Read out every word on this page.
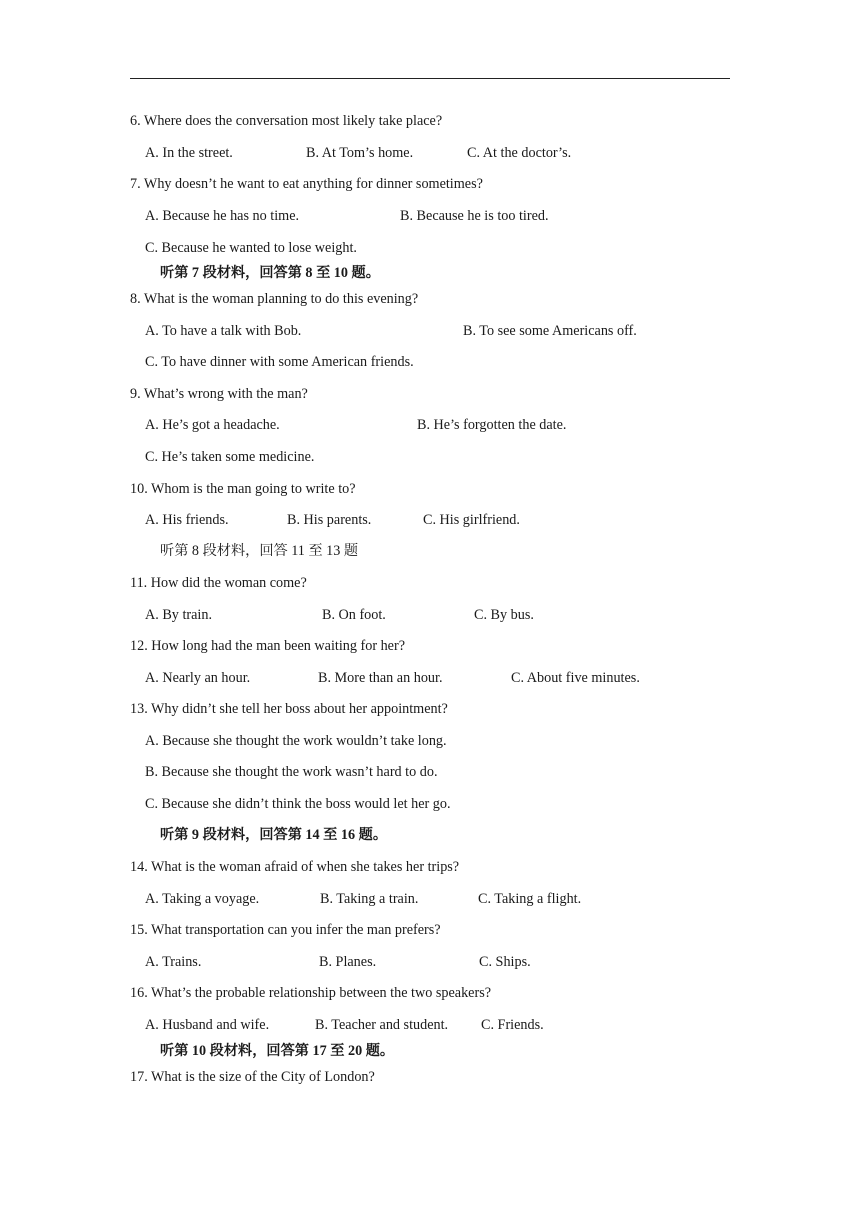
6. Where does the conversation most likely take place?
A. In the street.	B. At Tom’s home.	C. At the doctor’s.
7. Why doesn’t he want to eat anything for dinner sometimes?
A. Because he has no time.	B. Because he is too tired.
C. Because he wanted to lose weight.
听第 7 段材料，回答第 8 至 10 题。
8. What is the woman planning to do this evening?
A. To have a talk with Bob.	B. To see some Americans off.
C. To have dinner with some American friends.
9. What’s wrong with the man?
A. He’s got a headache.	B. He’s forgotten the date.
C. He’s taken some medicine.
10. Whom is the man going to write to?
A. His friends.	B. His parents.	C. His girlfriend.
听第 8 段材料，回答 11 至 13 题
11. How did the woman come?
A. By train.	B. On foot.	C. By bus.
12. How long had the man been waiting for her?
A. Nearly an hour.	B. More than an hour.	C. About five minutes.
13. Why didn’t she tell her boss about her appointment?
A. Because she thought the work wouldn’t take long.
B. Because she thought the work wasn’t hard to do.
C. Because she didn’t think the boss would let her go.
听第 9 段材料，回答第 14 至 16 题。
14. What is the woman afraid of when she takes her trips?
A. Taking a voyage.	B. Taking a train.	C. Taking a flight.
15. What transportation can you infer the man prefers?
A. Trains.	B. Planes.	C. Ships.
16. What’s the probable relationship between the two speakers?
A. Husband and wife.	B. Teacher and student. C. Friends.
听第 10 段材料，回答第 17 至 20 题。
17. What is the size of the City of London?
